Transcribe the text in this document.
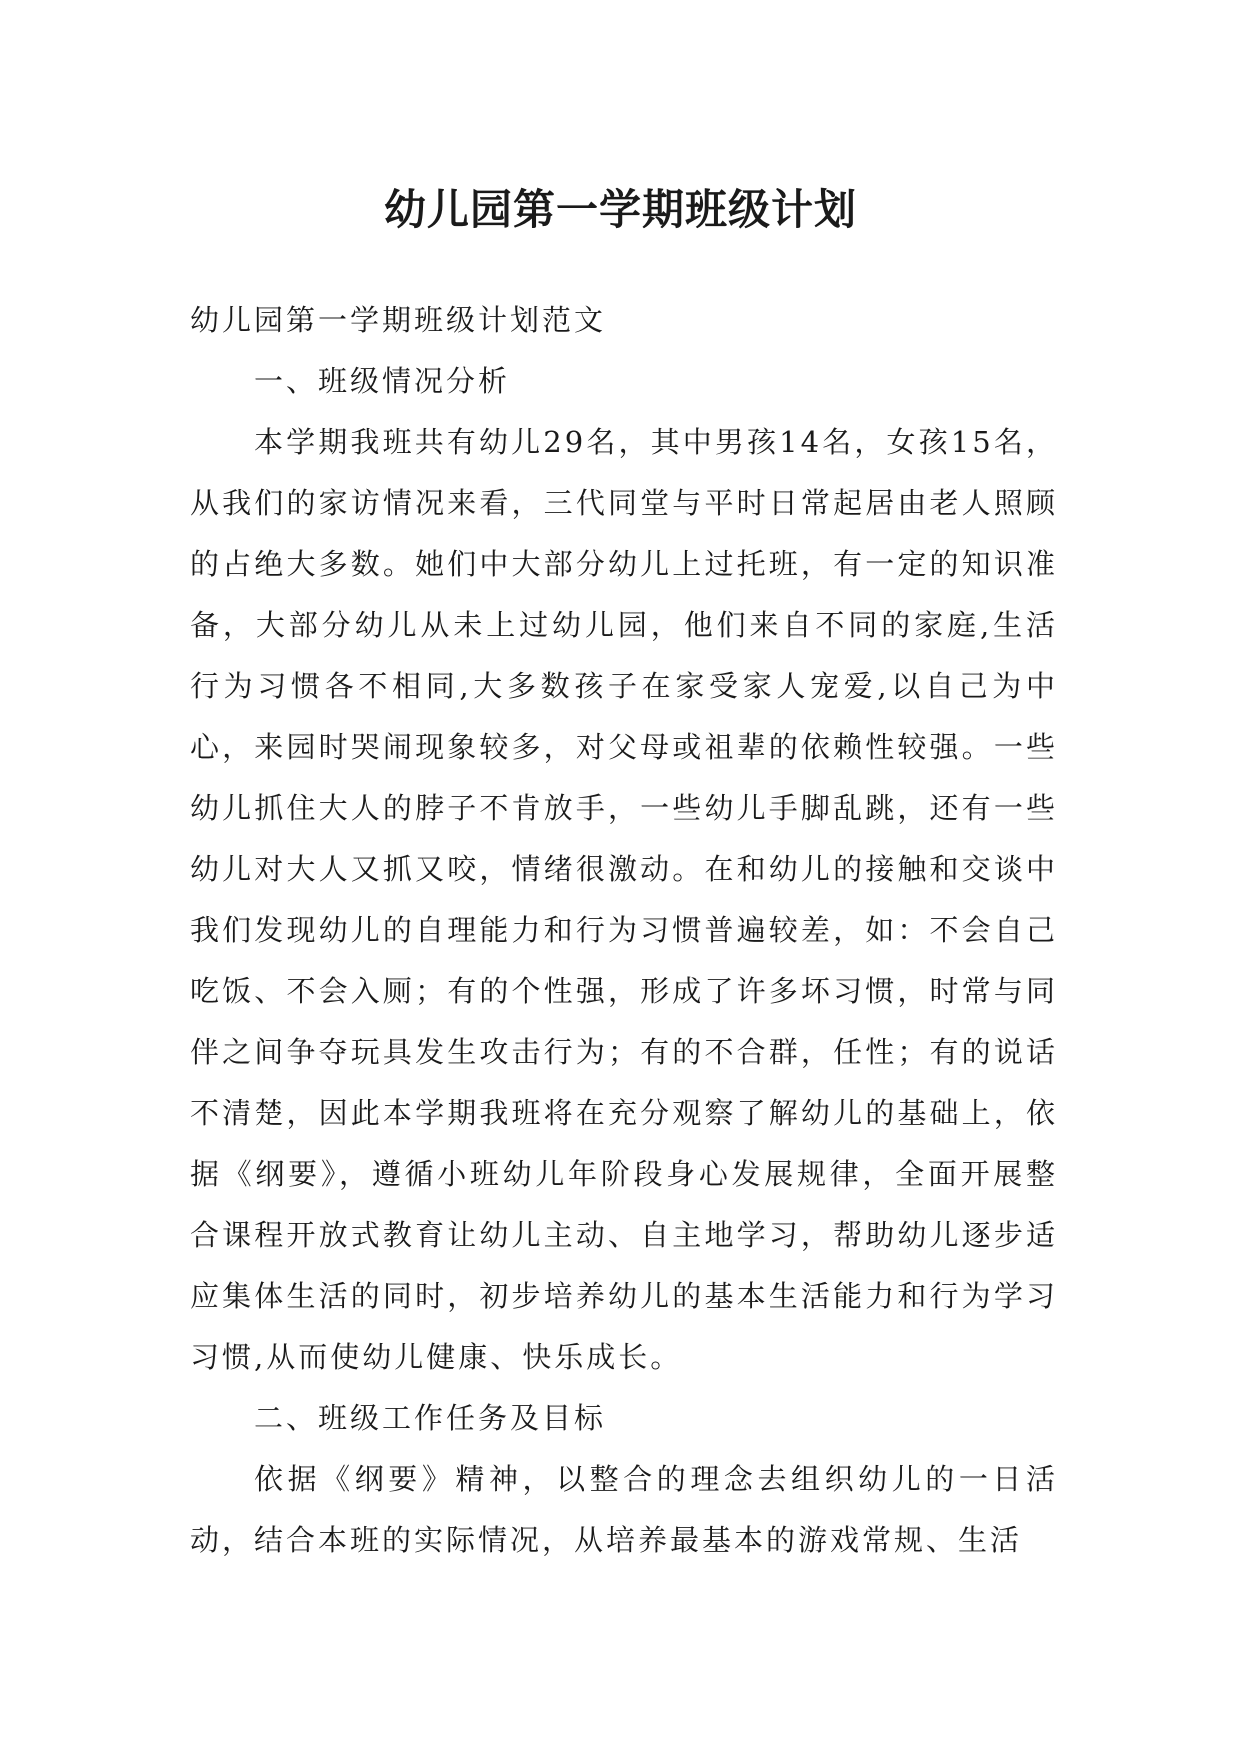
幼儿园第一学期班级计划

幼儿园第一学期班级计划范文

一、班级情况分析

本学期我班共有幼儿29名，其中男孩14名，女孩15名，从我们的家访情况来看，三代同堂与平时日常起居由老人照顾的占绝大多数。她们中大部分幼儿上过托班，有一定的知识准备，大部分幼儿从未上过幼儿园，他们来自不同的家庭,生活行为习惯各不相同,大多数孩子在家受家人宠爱,以自己为中心，来园时哭闹现象较多，对父母或祖辈的依赖性较强。一些幼儿抓住大人的脖子不肯放手，一些幼儿手脚乱跳，还有一些幼儿对大人又抓又咬，情绪很激动。在和幼儿的接触和交谈中我们发现幼儿的自理能力和行为习惯普遍较差，如：不会自己吃饭、不会入厕；有的个性强，形成了许多坏习惯，时常与同伴之间争夺玩具发生攻击行为；有的不合群，任性；有的说话不清楚，因此本学期我班将在充分观察了解幼儿的基础上，依据《纲要》，遵循小班幼儿年阶段身心发展规律，全面开展整合课程开放式教育让幼儿主动、自主地学习，帮助幼儿逐步适应集体生活的同时，初步培养幼儿的基本生活能力和行为学习习惯,从而使幼儿健康、快乐成长。

二、班级工作任务及目标

依据《纲要》精神，以整合的理念去组织幼儿的一日活动，结合本班的实际情况，从培养最基本的游戏常规、生活
